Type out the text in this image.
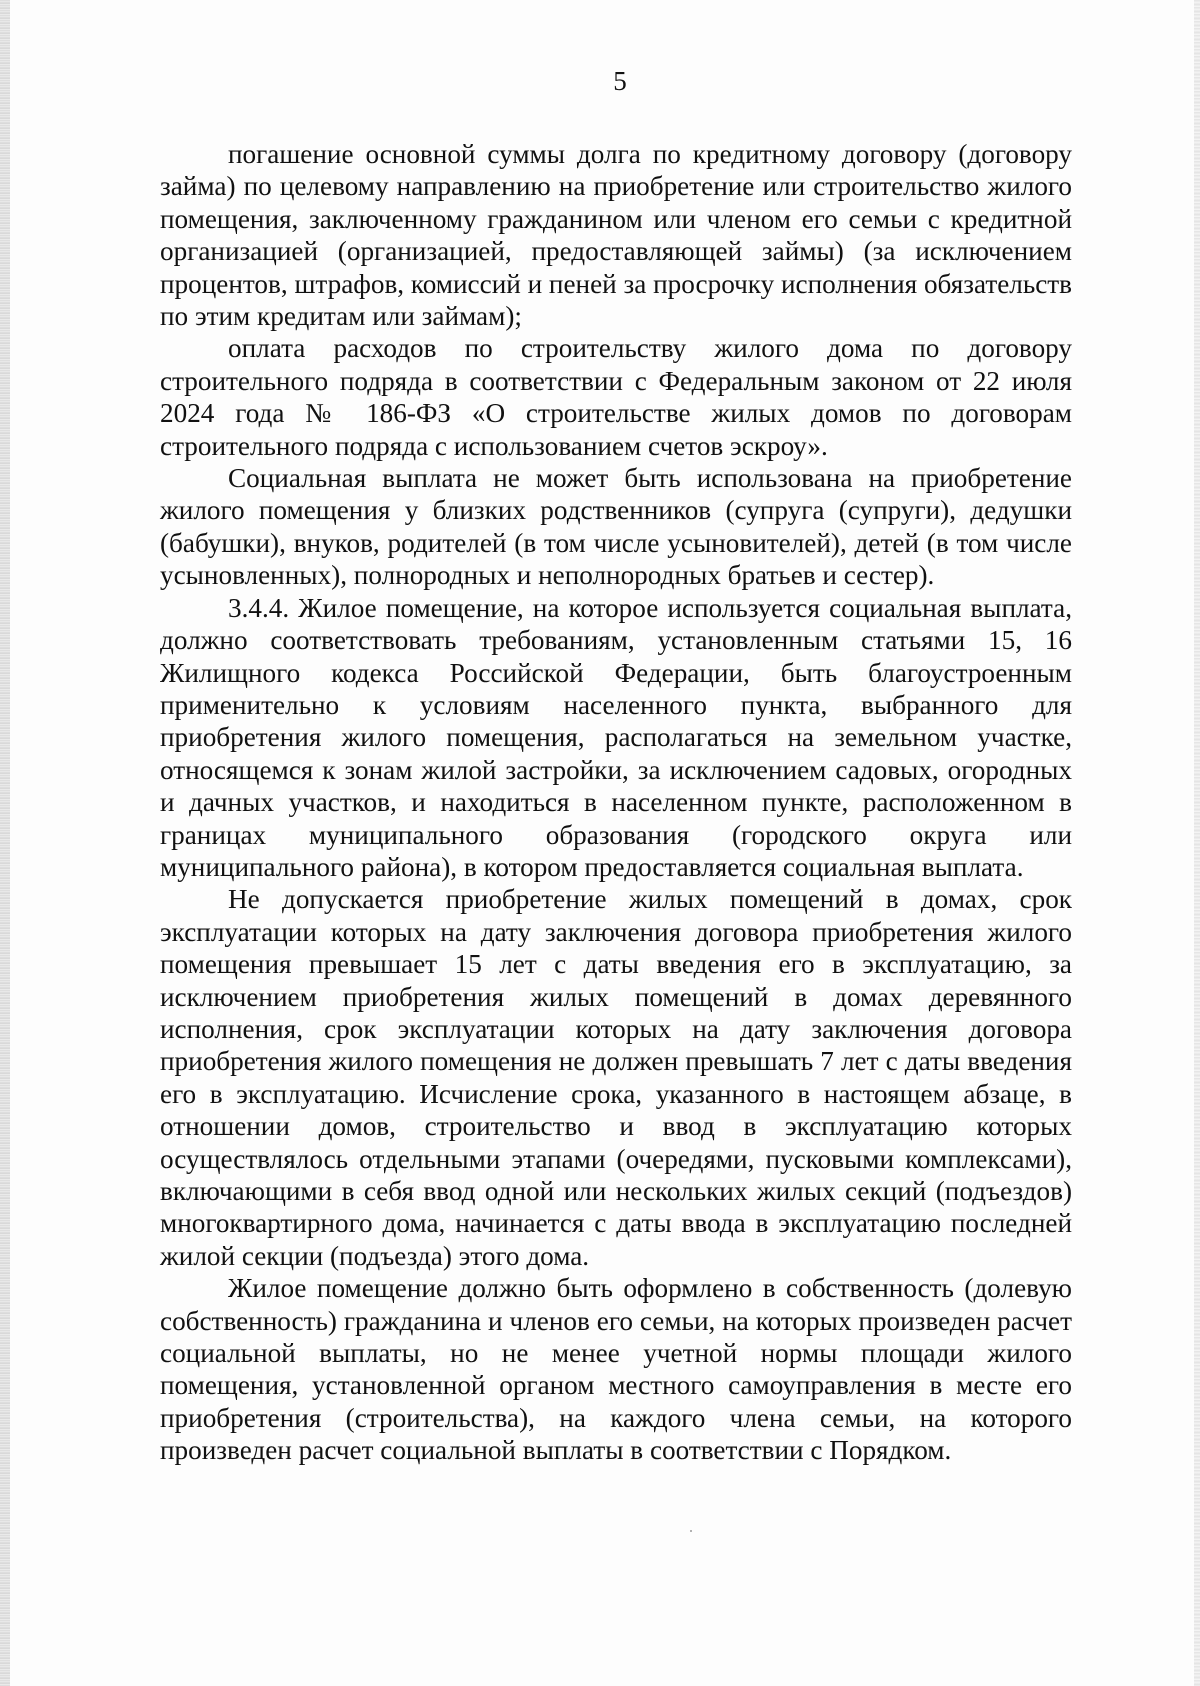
5

погашение основной суммы долга по кредитному договору (договору займа) по целевому направлению на приобретение или строительство жилого помещения, заключенному гражданином или членом его семьи с кредитной организацией (организацией, предоставляющей займы) (за исключением процентов, штрафов, комиссий и пеней за просрочку исполнения обязательств по этим кредитам или займам);

оплата расходов по строительству жилого дома по договору строительного подряда в соответствии с Федеральным законом от 22 июля 2024 года № 186-ФЗ «О строительстве жилых домов по договорам строительного подряда с использованием счетов эскроу».

Социальная выплата не может быть использована на приобретение жилого помещения у близких родственников (супруга (супруги), дедушки (бабушки), внуков, родителей (в том числе усыновителей), детей (в том числе усыновленных), полнородных и неполнородных братьев и сестер).

3.4.4. Жилое помещение, на которое используется социальная выплата, должно соответствовать требованиям, установленным статьями 15, 16 Жилищного кодекса Российской Федерации, быть благоустроенным применительно к условиям населенного пункта, выбранного для приобретения жилого помещения, располагаться на земельном участке, относящемся к зонам жилой застройки, за исключением садовых, огородных и дачных участков, и находиться в населенном пункте, расположенном в границах муниципального образования (городского округа или муниципального района), в котором предоставляется социальная выплата.

Не допускается приобретение жилых помещений в домах, срок эксплуатации которых на дату заключения договора приобретения жилого помещения превышает 15 лет с даты введения его в эксплуатацию, за исключением приобретения жилых помещений в домах деревянного исполнения, срок эксплуатации которых на дату заключения договора приобретения жилого помещения не должен превышать 7 лет с даты введения его в эксплуатацию. Исчисление срока, указанного в настоящем абзаце, в отношении домов, строительство и ввод в эксплуатацию которых осуществлялось отдельными этапами (очередями, пусковыми комплексами), включающими в себя ввод одной или нескольких жилых секций (подъездов) многоквартирного дома, начинается с даты ввода в эксплуатацию последней жилой секции (подъезда) этого дома.

Жилое помещение должно быть оформлено в собственность (долевую собственность) гражданина и членов его семьи, на которых произведен расчет социальной выплаты, но не менее учетной нормы площади жилого помещения, установленной органом местного самоуправления в месте его приобретения (строительства), на каждого члена семьи, на которого произведен расчет социальной выплаты в соответствии с Порядком.
